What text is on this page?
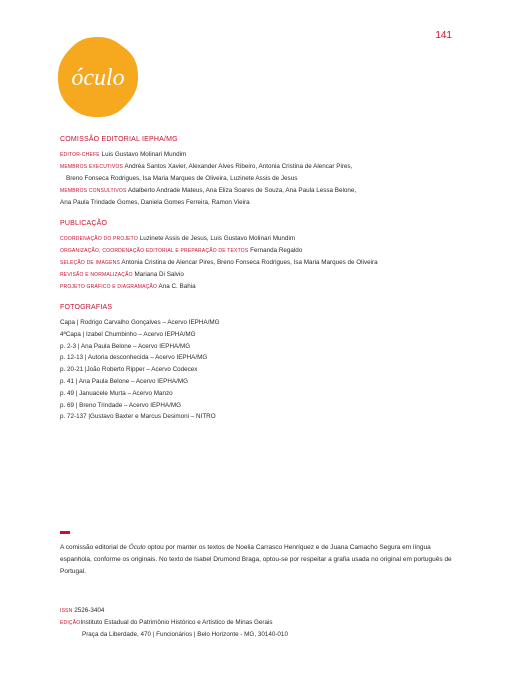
141
óculo
COMISSÃO EDITORIAL IEPHA/MG
EDITOR-CHEFE Luis Gustavo Molinari Mundim
MEMBROS EXECUTIVOS Andréa Santos Xavier, Alexander Alves Ribeiro, Antonia Cristina de Alencar Pires,
Breno Fonseca Rodrigues, Isa Maria Marques de Oliveira, Luzinete Assis de Jesus
MEMBROS CONSULTIVOS Adalberto Andrade Mateus, Ana Eliza Soares de Souza, Ana Paula Lessa Belone,
Ana Paula Trindade Gomes, Daniela Gomes Ferreira, Ramon Vieira
PUBLICAÇÃO
COORDENAÇÃO DO PROJETO Luzinete Assis de Jesus, Luis Gustavo Molinari Mundim
ORGANIZAÇÃO, COORDENAÇÃO EDITORIAL E PREPARAÇÃO DE TEXTOS Fernanda Regaldo
SELEÇÃO DE IMAGENS Antonia Cristina de Alencar Pires, Breno Fonseca Rodrigues, Isa Maria Marques de Oliveira
REVISÃO E NORMALIZAÇÃO Mariana Di Salvio
PROJETO GRÁFICO E DIAGRAMAÇÃO Ana C. Bahia
FOTOGRAFIAS
Capa | Rodrigo Carvalho Gonçalves – Acervo IEPHA/MG
4ªCapa | Izabel Chumbinho – Acervo IEPHA/MG
p. 2-3 | Ana Paula Belone – Acervo IEPHA/MG
p. 12-13 | Autoria desconhecida – Acervo IEPHA/MG
p. 20-21 |João Roberto Ripper – Acervo Codecex
p. 41 | Ana Paula Belone – Acervo IEPHA/MG
p. 49 | Januacele Murta – Acervo Manzo
p. 69 | Breno Trindade – Acervo IEPHA/MG
p. 72-137 |Gustavo Baxter e Marcus Desimoni – NITRO
A comissão editorial de Óculo optou por manter os textos de Noelia Carrasco Henríquez e de Juana Camacho Segura em língua espanhola, conforme os originais. No texto de Isabel Drumond Braga, optou-se por respeitar a grafia usada no original em português de Portugal.
ISSN 2526-3404
EDIÇÃOInstituto Estadual do Patrimônio Histórico e Artístico de Minas Gerais
Praça da Liberdade, 470 | Funcionários | Belo Horizonte - MG, 30140-010
